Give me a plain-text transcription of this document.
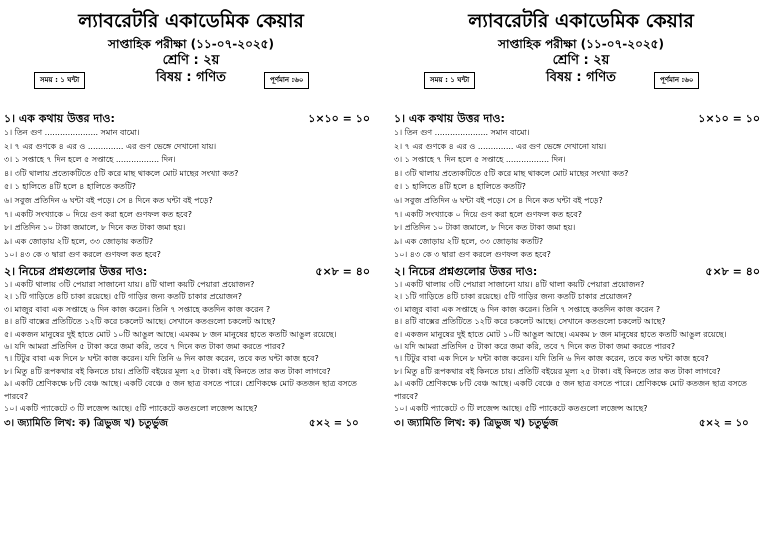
ল্যাবরেটরি একাডেমিক কেয়ার
সাপ্তাহিক পরীক্ষা (১১-০৭-২০২৫)
শ্রেণি : ২য়
বিষয় : গণিত
সময় : ১ ঘন্টা	পূর্ণমান :৬০
১। এক কথায় উত্তর দাও:	১×১০ = ১০
১। তিন গুণ ..................... সমান বামো।
২। ৭ এর গুণকে ৪ এর ও .............. এর গুণ ভেঙ্গে দেখানো যায়।
৩। ১ সপ্তাহে ৭ দিন হলে ৫ সপ্তাহে ................. দিন।
৪। ৩টি থালায় প্রত্যেকটিতে ৫টি করে মাছ থাকলে মোট মাছের সংখ্যা কত?
৫। ১ হালিতে ৪টি হলে ৪ হালিতে কতটি?
৬। সবুজ প্রতিদিন ৬ ঘন্টা বই পড়ে। সে ৪ দিনে কত ঘন্টা বই পড়ে?
৭। একটি সংখ্যাকে ০ দিয়ে গুণ করা হলে গুণফল কত হবে?
৮। প্রতিদিন ১০ টাকা জমালে, ৮ দিনে কত টাকা জমা হয়।
৯। এক জোড়ায় ২টি হলে, ৩৩ জোড়ায় কতটি?
১০। ৪৩ কে ৩ দ্বারা গুণ করলে গুণফল কত হবে?
২। নিচের প্রশ্নগুলোর উত্তর দাও:	৫×৮ = ৪০
১। একটি থালায় ৩টি পেয়ারা সাজানো যায়। ৪টি থালা কয়টি পেয়ারা প্রয়োজন?
২। ১টি গাড়িতে ৪টি চাকা রয়েছে। ৫টি গাড়ির জন্য কতটি চাকার প্রয়োজন?
৩। মাজুর বাবা এক সপ্তাহে ৬ দিন কাজ করেন। তিনি ৭ সপ্তাহে কতদিন কাজ করেন ?
৪। ৪টি বাক্সের প্রতিটিতে ১২টি করে চকলেট আছে। সেখানে কতগুলো চকলেট আছে?
৫। একজন মানুষের দুই হাতে মোট ১০টি আঙুল আছে। এমকম ৮ জন মানুষের হাতে কতটি আঙুল রয়েছে।
৬। যদি আমরা প্রতিদিন ৫ টাকা করে জমা করি, তবে ৭ দিনে কত টাকা জমা করতে পারব?
৭। টিটুর বাবা এক দিনে ৮ ঘন্টা কাজ করেন। যদি তিনি ৬ দিন কাজ করেন, তবে কত ঘন্টা কাজ হবে?
৮। মিতু ৪টি রূপকথার বই কিনতে চায়। প্রতিটি বইয়ের মূল্য ২৫ টাকা। বই কিনতে তার কত টাকা লাগবে?
৯। একটি শ্রেণিকক্ষে ৮টি বেঞ্চ আছে। একটি বেঞ্চে ৫ জন ছাত্র বসতে পারে। শ্রেণিকক্ষে মোট কতজন ছাত্র বসতে পারবে?
১০। একটি প্যাকেটে ৩ টি লজেন্স আছে। ৫টি প্যাকেটে কতগুলো লজেন্স আছে?
৩। জ্যামিতি লিখ:
ক) ত্রিভুজ খ) চতুর্ভুজ	৫×২ = ১০
ল্যাবরেটরি একাডেমিক কেয়ার
সাপ্তাহিক পরীক্ষা (১১-০৭-২০২৫)
শ্রেণি : ২য়
বিষয় : গণিত
সময় : ১ ঘন্টা	পূর্ণমান :৬০
১। এক কথায় উত্তর দাও:	১×১০ = ১০
১। তিন গুণ ..................... সমান বামো।
২। ৭ এর গুণকে ৪ এর ও .............. এর গুণ ভেঙ্গে দেখানো যায়।
৩। ১ সপ্তাহে ৭ দিন হলে ৫ সপ্তাহে ................. দিন।
৪। ৩টি থালায় প্রত্যেকটিতে ৫টি করে মাছ থাকলে মোট মাছের সংখ্যা কত?
৫। ১ হালিতে ৪টি হলে ৪ হালিতে কতটি?
৬। সবুজ প্রতিদিন ৬ ঘন্টা বই পড়ে। সে ৪ দিনে কত ঘন্টা বই পড়ে?
৭। একটি সংখ্যাকে ০ দিয়ে গুণ করা হলে গুণফল কত হবে?
৮। প্রতিদিন ১০ টাকা জমালে, ৮ দিনে কত টাকা জমা হয়।
৯। এক জোড়ায় ২টি হলে, ৩৩ জোড়ায় কতটি?
১০। ৪৩ কে ৩ দ্বারা গুণ করলে গুণফল কত হবে?
২। নিচের প্রশ্নগুলোর উত্তর দাও:	৫×৮ = ৪০
১। একটি থালায় ৩টি পেয়ারা সাজানো যায়। ৪টি থালা কয়টি পেয়ারা প্রয়োজন?
২। ১টি গাড়িতে ৪টি চাকা রয়েছে। ৫টি গাড়ির জন্য কতটি চাকার প্রয়োজন?
৩। মাজুর বাবা এক সপ্তাহে ৬ দিন কাজ করেন। তিনি ৭ সপ্তাহে কতদিন কাজ করেন ?
৪। ৪টি বাক্সের প্রতিটিতে ১২টি করে চকলেট আছে। সেখানে কতগুলো চকলেট আছে?
৫। একজন মানুষের দুই হাতে মোট ১০টি আঙুল আছে। এমকম ৮ জন মানুষের হাতে কতটি আঙুল রয়েছে।
৬। যদি আমরা প্রতিদিন ৫ টাকা করে জমা করি, তবে ৭ দিনে কত টাকা জমা করতে পারব?
৭। টিটুর বাবা এক দিনে ৮ ঘন্টা কাজ করেন। যদি তিনি ৬ দিন কাজ করেন, তবে কত ঘন্টা কাজ হবে?
৮। মিতু ৪টি রূপকথার বই কিনতে চায়। প্রতিটি বইয়ের মূল্য ২৫ টাকা। বই কিনতে তার কত টাকা লাগবে?
৯। একটি শ্রেণিকক্ষে ৮টি বেঞ্চ আছে। একটি বেঞ্চে ৫ জন ছাত্র বসতে পারে। শ্রেণিকক্ষে মোট কতজন ছাত্র বসতে পারবে?
১০। একটি প্যাকেটে ৩ টি লজেন্স আছে। ৫টি প্যাকেটে কতগুলো লজেন্স আছে?
৩। জ্যামিতি লিখ:
ক) ত্রিভুজ খ) চতুর্ভুজ	৫×২ = ১০
